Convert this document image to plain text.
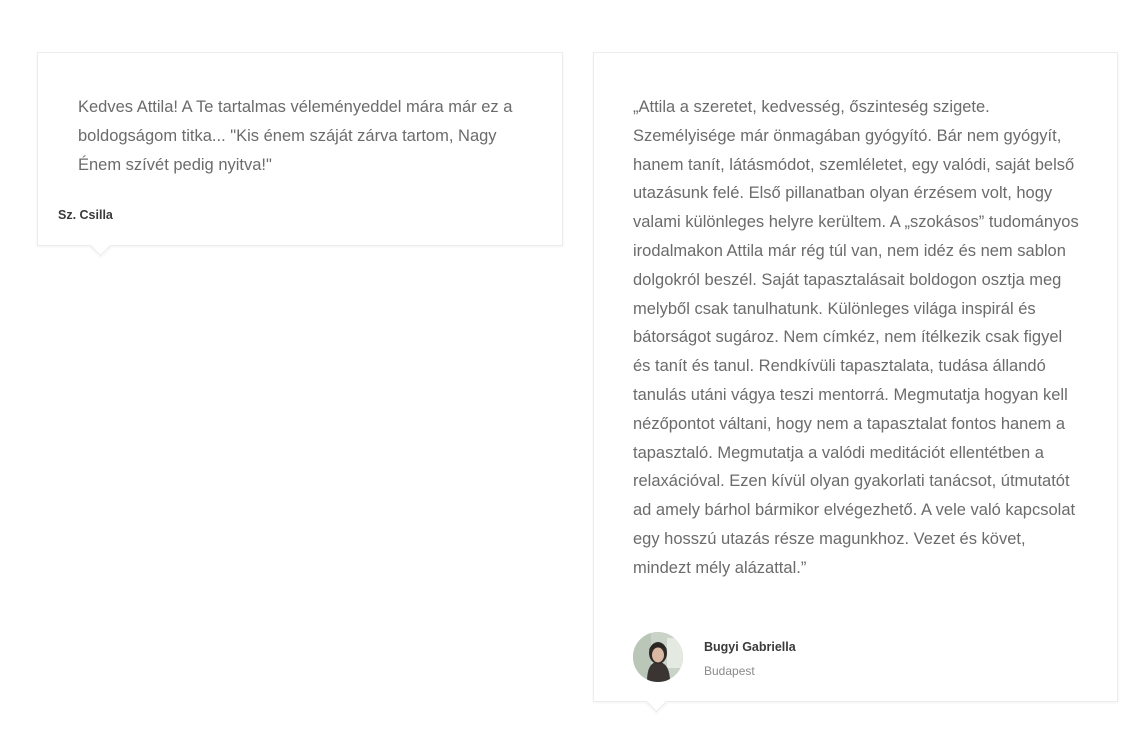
Kedves Attila! A Te tartalmas véleményeddel mára már ez a boldogságom titka... "Kis énem száját zárva tartom, Nagy Énem szívét pedig nyitva!"

Sz. Csilla

„Attila a szeretet, kedvesség, őszinteség szigete. Személyisége már önmagában gyógyító. Bár nem gyógyít, hanem tanít, látásmódot, szemléletet, egy valódi, saját belső utazásunk felé. Első pillanatban olyan érzésem volt, hogy valami különleges helyre kerültem. A „szokásos” tudományos irodalmakon Attila már rég túl van, nem idéz és nem sablon dolgokról beszél. Saját tapasztalásait boldogon osztja meg melyből csak tanulhatunk. Különleges világa inspirál és bátorságot sugároz. Nem címkéz, nem ítélkezik csak figyel és tanít és tanul. Rendkívüli tapasztalata, tudása állandó tanulás utáni vágya teszi mentorrá. Megmutatja hogyan kell nézőpontot váltani, hogy nem a tapasztalat fontos hanem a tapasztaló. Megmutatja a valódi meditációt ellentétben a relaxációval. Ezen kívül olyan gyakorlati tanácsot, útmutatót ad amely bárhol bármikor elvégezhető. A vele való kapcsolat egy hosszú utazás része magunkhoz. Vezet és követ, mindezt mély alázattal.”

Bugyi Gabriella

Budapest
